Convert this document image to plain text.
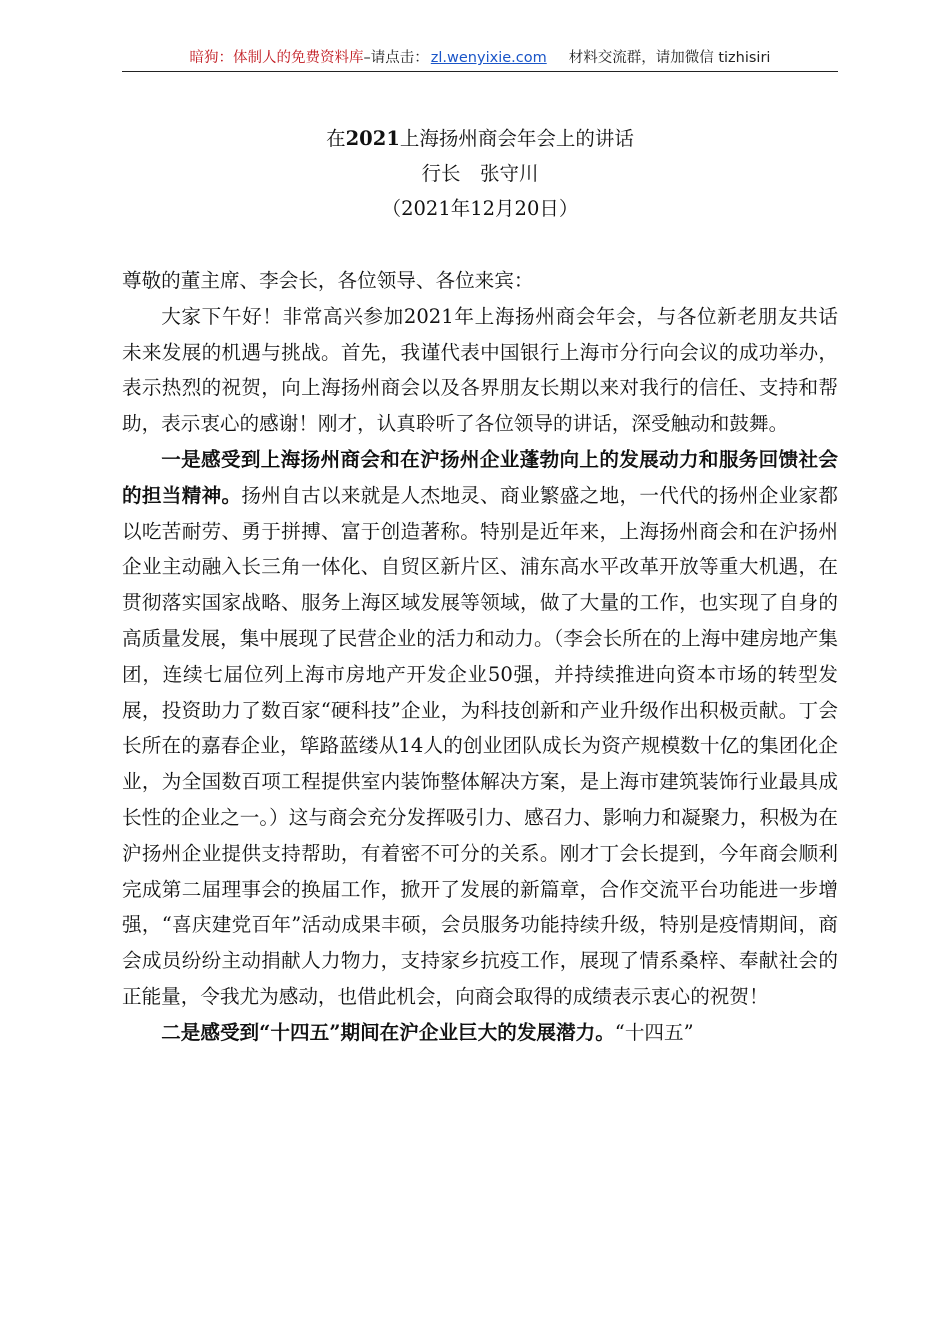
暗狗：体制人的免费资料库–请点击： zl.wenyixie.com 材料交流群，请加微信 tizhisiri
在2021上海扬州商会年会上的讲话
行长　张守川
（2021年12月20日）

尊敬的董主席、李会长，各位领导、各位来宾：

大家下午好！非常高兴参加2021年上海扬州商会年会，与各位新老朋友共话未来发展的机遇与挑战。首先，我谨代表中国银行上海市分行向会议的成功举办，表示热烈的祝贺，向上海扬州商会以及各界朋友长期以来对我行的信任、支持和帮助，表示衷心的感谢！刚才，认真聆听了各位领导的讲话，深受触动和鼓舞。

一是感受到上海扬州商会和在沪扬州企业蓬勃向上的发展动力和服务回馈社会的担当精神。扬州自古以来就是人杰地灵、商业繁盛之地，一代代的扬州企业家都以吃苦耐劳、勇于拼搏、富于创造著称。特别是近年来，上海扬州商会和在沪扬州企业主动融入长三角一体化、自贸区新片区、浦东高水平改革开放等重大机遇，在贯彻落实国家战略、服务上海区域发展等领域，做了大量的工作，也实现了自身的高质量发展，集中展现了民营企业的活力和动力。（李会长所在的上海中建房地产集团，连续七届位列上海市房地产开发企业50强，并持续推进向资本市场的转型发展，投资助力了数百家“硬科技”企业，为科技创新和产业升级作出积极贡献。丁会长所在的嘉春企业，筚路蓝缕从14人的创业团队成长为资产规模数十亿的集团化企业，为全国数百项工程提供室内装饰整体解决方案，是上海市建筑装饰行业最具成长性的企业之一。）这与商会充分发挥吸引力、感召力、影响力和凝聚力，积极为在沪扬州企业提供支持帮助，有着密不可分的关系。刚才丁会长提到，今年商会顺利完成第二届理事会的换届工作，掀开了发展的新篇章，合作交流平台功能进一步增强，“喜庆建党百年”活动成果丰硕，会员服务功能持续升级，特别是疫情期间，商会成员纷纷主动捐献人力物力，支持家乡抗疫工作，展现了情系桑梓、奉献社会的正能量，令我尤为感动，也借此机会，向商会取得的成绩表示衷心的祝贺！

二是感受到“十四五”期间在沪企业巨大的发展潜力。“十四五”
